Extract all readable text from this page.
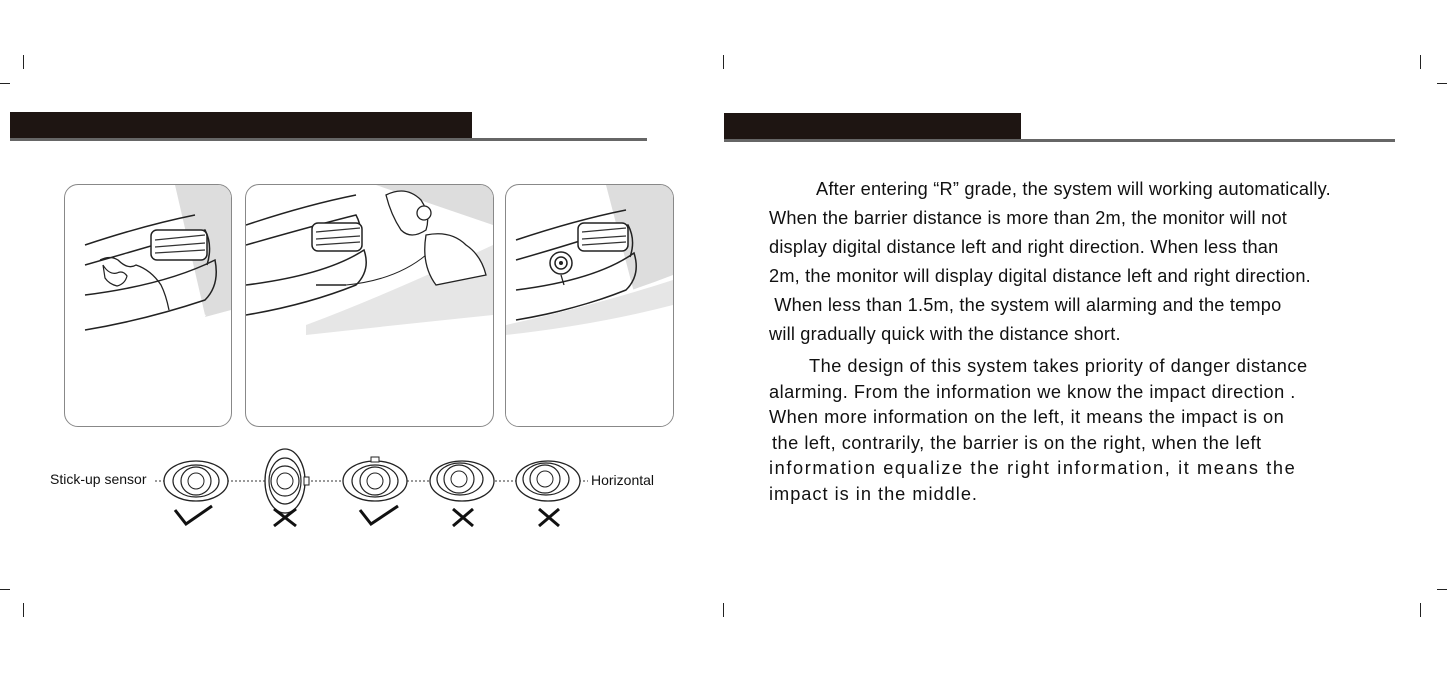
Stick-up sensor	Horizontal

After entering “R” grade, the system will working automatically.

When the barrier distance is more than 2m, the monitor will not

display digital distance left and right direction. When less than

2m, the monitor will display digital distance left and right direction.

When less than 1.5m, the system will alarming and the tempo

will gradually quick with the distance short.

The design of this system takes priority of danger distance

alarming. From the information we know the impact direction .

When more information on the left, it means the impact is on

the left, contrarily, the barrier is on the right, when the left

information equalize the right information, it means the

impact is in the middle.
